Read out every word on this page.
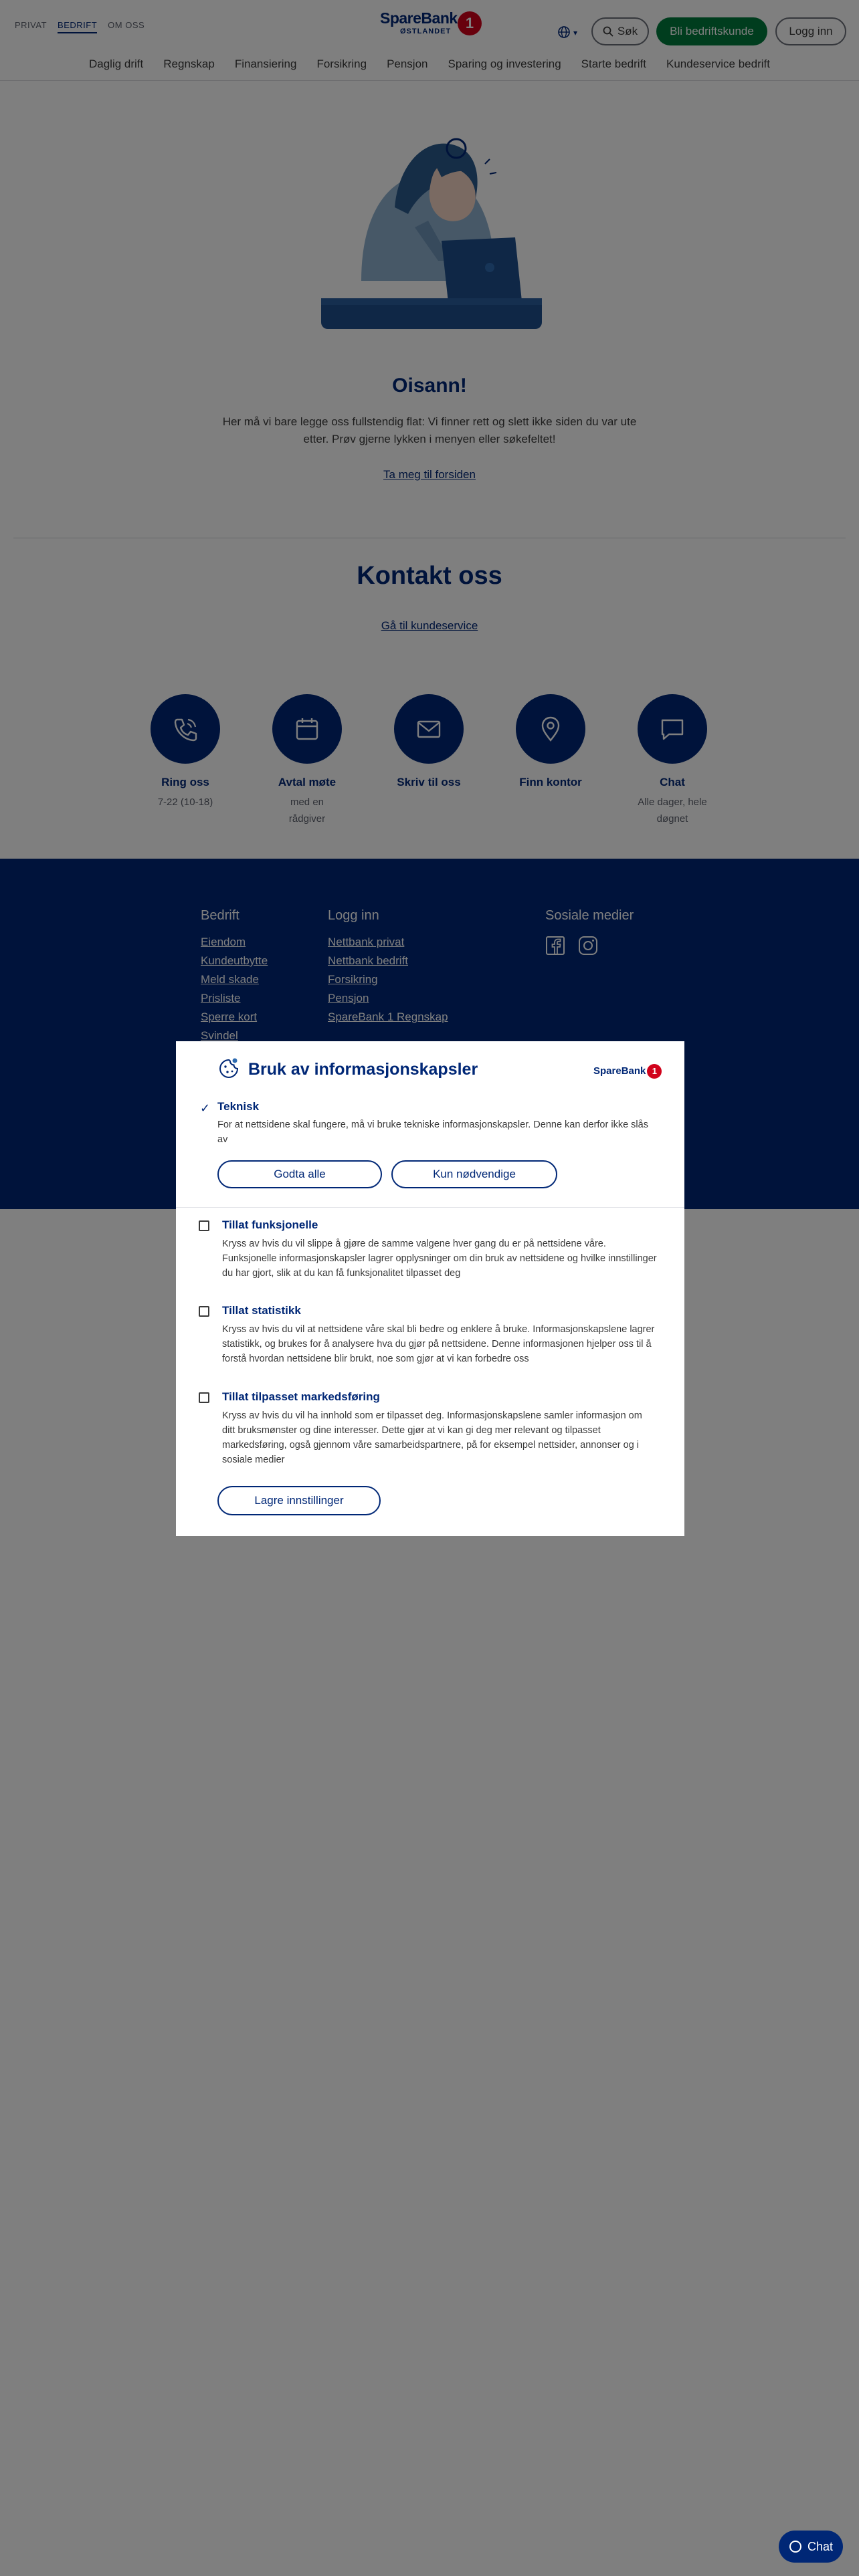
Bruk av informasjonskapsler	SpareBank 1
✓ Teknisk
For at nettsidene skal fungere, må vi bruke tekniske informasjonskapsler. Denne kan derfor ikke slås av
Godta alle	Kun nødvendige
Tillat funksjonelle
Kryss av hvis du vil slippe å gjøre de samme valgene hver gang du er på nettsidene våre. Funksjonelle informasjonskapsler lagrer opplysninger om din bruk av nettsidene og hvilke innstillinger du har gjort, slik at du kan få funksjonalitet tilpasset deg
Tillat statistikk
Kryss av hvis du vil at nettsidene våre skal bli bedre og enklere å bruke. Informasjonskapslene lagrer statistikk, og brukes for å analysere hva du gjør på nettsidene. Denne informasjonen hjelper oss til å forstå hvordan nettsidene blir brukt, noe som gjør at vi kan forbedre oss
Tillat tilpasset markedsføring
Kryss av hvis du vil ha innhold som er tilpasset deg. Informasjonskapslene samler informasjon om ditt bruksmønster og dine interesser. Dette gjør at vi kan gi deg mer relevant og tilpasset markedsføring, også gjennom våre samarbeidspartnere, på for eksempel nettsider, annonser og i sosiale medier
Lagre innstillinger
Chat
